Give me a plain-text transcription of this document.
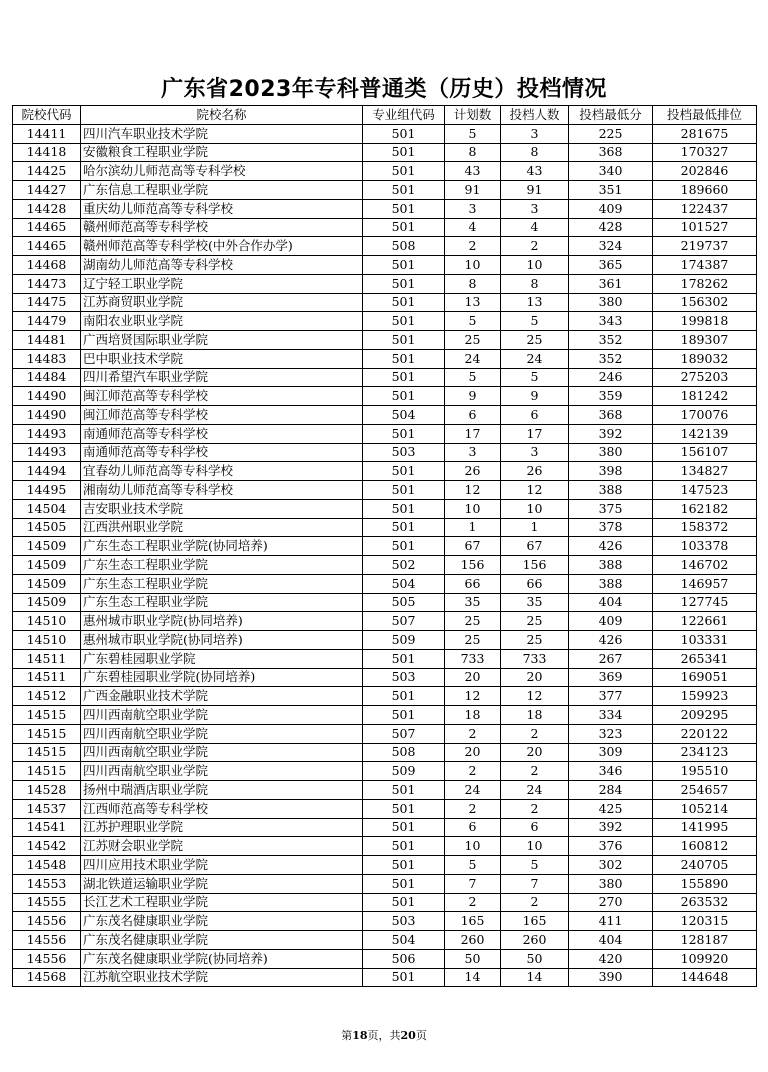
广东省2023年专科普通类（历史）投档情况
院校代码	院校名称	专业组代码	计划数	投档人数	投档最低分	投档最低排位
14411	四川汽车职业技术学院	501	5	3	225	281675
14418	安徽粮食工程职业学院	501	8	8	368	170327
14425	哈尔滨幼儿师范高等专科学校	501	43	43	340	202846
14427	广东信息工程职业学院	501	91	91	351	189660
14428	重庆幼儿师范高等专科学校	501	3	3	409	122437
14465	赣州师范高等专科学校	501	4	4	428	101527
14465	赣州师范高等专科学校(中外合作办学)	508	2	2	324	219737
14468	湖南幼儿师范高等专科学校	501	10	10	365	174387
14473	辽宁轻工职业学院	501	8	8	361	178262
14475	江苏商贸职业学院	501	13	13	380	156302
14479	南阳农业职业学院	501	5	5	343	199818
14481	广西培贤国际职业学院	501	25	25	352	189307
14483	巴中职业技术学院	501	24	24	352	189032
14484	四川希望汽车职业学院	501	5	5	246	275203
14490	闽江师范高等专科学校	501	9	9	359	181242
14490	闽江师范高等专科学校	504	6	6	368	170076
14493	南通师范高等专科学校	501	17	17	392	142139
14493	南通师范高等专科学校	503	3	3	380	156107
14494	宜春幼儿师范高等专科学校	501	26	26	398	134827
14495	湘南幼儿师范高等专科学校	501	12	12	388	147523
14504	吉安职业技术学院	501	10	10	375	162182
14505	江西洪州职业学院	501	1	1	378	158372
14509	广东生态工程职业学院(协同培养)	501	67	67	426	103378
14509	广东生态工程职业学院	502	156	156	388	146702
14509	广东生态工程职业学院	504	66	66	388	146957
14509	广东生态工程职业学院	505	35	35	404	127745
14510	惠州城市职业学院(协同培养)	507	25	25	409	122661
14510	惠州城市职业学院(协同培养)	509	25	25	426	103331
14511	广东碧桂园职业学院	501	733	733	267	265341
14511	广东碧桂园职业学院(协同培养)	503	20	20	369	169051
14512	广西金融职业技术学院	501	12	12	377	159923
14515	四川西南航空职业学院	501	18	18	334	209295
14515	四川西南航空职业学院	507	2	2	323	220122
14515	四川西南航空职业学院	508	20	20	309	234123
14515	四川西南航空职业学院	509	2	2	346	195510
14528	扬州中瑞酒店职业学院	501	24	24	284	254657
14537	江西师范高等专科学校	501	2	2	425	105214
14541	江苏护理职业学院	501	6	6	392	141995
14542	江苏财会职业学院	501	10	10	376	160812
14548	四川应用技术职业学院	501	5	5	302	240705
14553	湖北铁道运输职业学院	501	7	7	380	155890
14555	长江艺术工程职业学院	501	2	2	270	263532
14556	广东茂名健康职业学院	503	165	165	411	120315
14556	广东茂名健康职业学院	504	260	260	404	128187
14556	广东茂名健康职业学院(协同培养)	506	50	50	420	109920
14568	江苏航空职业技术学院	501	14	14	390	144648
第18页，共20页
